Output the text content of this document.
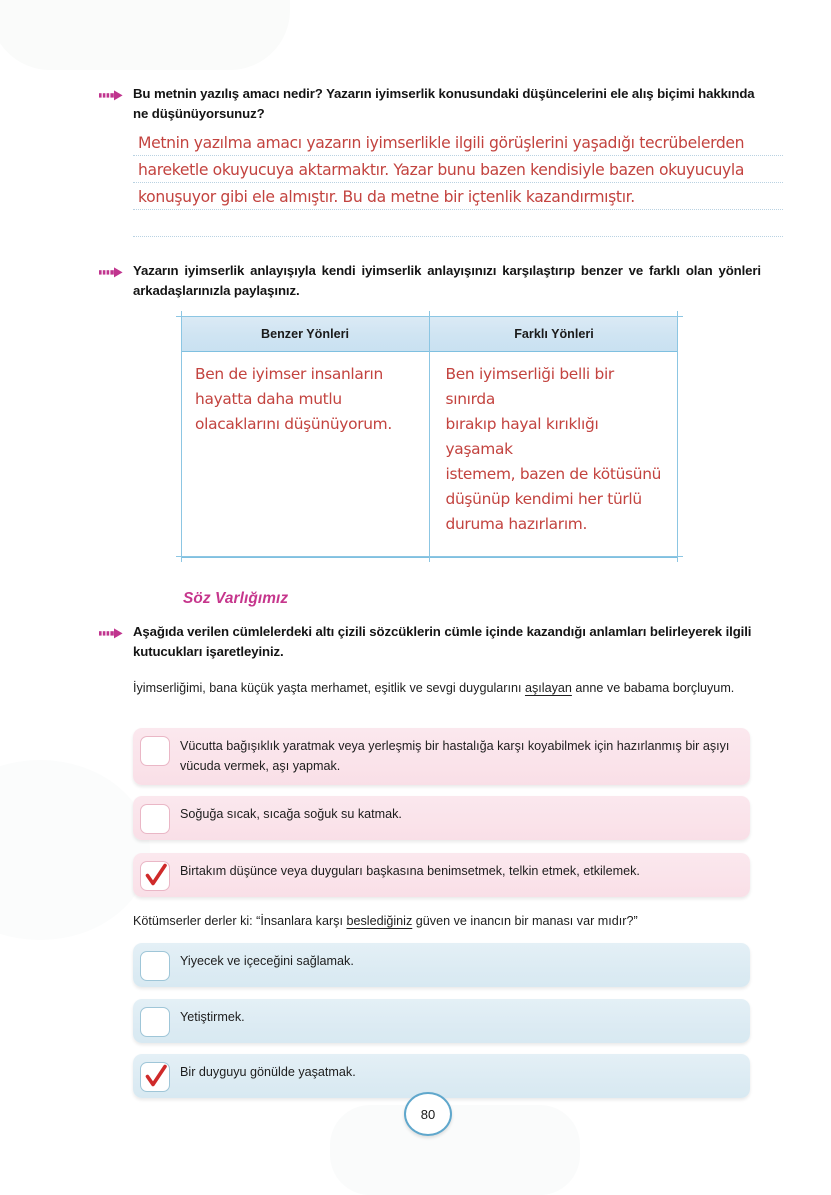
Bu metnin yazılış amacı nedir? Yazarın iyimserlik konusundaki düşüncelerini ele alış biçimi hakkında ne düşünüyorsunuz?
Metnin yazılma amacı yazarın iyimserlikle ilgili görüşlerini yaşadığı tecrübelerden
hareketle okuyucuya aktarmaktır. Yazar bunu bazen kendisiyle bazen okuyucuyla
konuşuyor gibi ele almıştır. Bu da metne bir içtenlik kazandırmıştır.
Yazarın iyimserlik anlayışıyla kendi iyimserlik anlayışınızı karşılaştırıp benzer ve farklı olan yönleri arkadaşlarınızla paylaşınız.
Benzer Yönleri	Farklı Yönleri
Ben de iyimser insanların
hayatta daha mutlu
olacaklarını düşünüyorum.
Ben iyimserliği belli bir sınırda
bırakıp hayal kırıklığı yaşamak
istemem, bazen de kötüsünü
düşünüp kendimi her türlü
duruma hazırlarım.
Söz Varlığımız
Aşağıda verilen cümlelerdeki altı çizili sözcüklerin cümle içinde kazandığı anlamları belirleyerek ilgili kutucukları işaretleyiniz.
İyimserliğimi, bana küçük yaşta merhamet, eşitlik ve sevgi duygularını aşılayan anne ve babama borçluyum.
Vücutta bağışıklık yaratmak veya yerleşmiş bir hastalığa karşı koyabilmek için hazırlanmış bir aşıyı vücuda vermek, aşı yapmak.
Soğuğa sıcak, sıcağa soğuk su katmak.
Birtakım düşünce veya duyguları başkasına benimsetmek, telkin etmek, etkilemek.
Kötümserler derler ki: “İnsanlara karşı beslediğiniz güven ve inancın bir manası var mıdır?”
Yiyecek ve içeceğini sağlamak.
Yetiştirmek.
Bir duyguyu gönülde yaşatmak.
80
